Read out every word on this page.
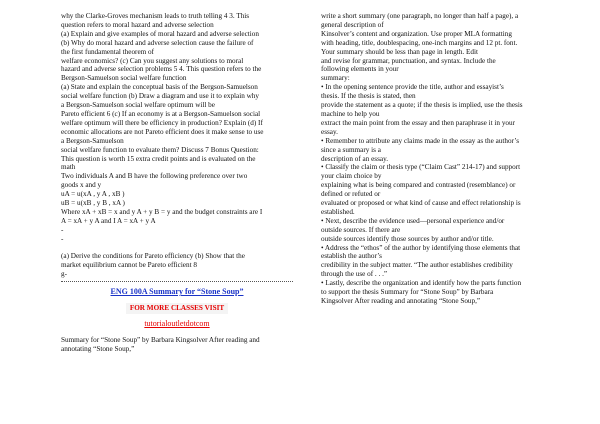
why the Clarke-Groves mechanism leads to truth telling 4 3. This
question refers to moral hazard and adverse selection
(a) Explain and give examples of moral hazard and adverse selection
(b) Why do moral hazard and adverse selection cause the failure of
the first fundamental theorem of
welfare economics? (c) Can you suggest any solutions to moral
hazard and adverse selection problems 5 4. This question refers to the
Bergson-Samuelson social welfare function
(a) State and explain the conceptual basis of the Bergson-Samuelson
social welfare function (b) Draw a diagram and use it to explain why
a Bergson-Samuelson social welfare optimum will be
Pareto efficient 6 (c) If an economy is at a Bergson-Samuelson social
welfare optimum will there be efficiency in production? Explain (d) If
economic allocations are not Pareto efficient does it make sense to use
a Bergson-Samuelson
social welfare function to evaluate them? Discuss 7 Bonus Question:
This question is worth 15 extra credit points and is evaluated on the
math
Two individuals A and B have the following preference over two
goods x and y
uA = u(xA , y A , xB )
uB = u(xB , y B , xA )
Where xA + xB = x and y A + y B = y and the budget constraints are I
A = xA + y A and I A = xA + y A
-
-
(a) Derive the conditions for Pareto efficiency (b) Show that the
market equilibrium cannot be Pareto efficient 8
g-
ENG 100A Summary for “Stone Soup”
FOR MORE CLASSES VISIT
tutorialoutletdotcom
Summary for “Stone Soup” by Barbara Kingsolver After reading and
annotating “Stone Soup,”
write a short summary (one paragraph, no longer than half a page), a
general description of
Kinsolver’s content and organization. Use proper MLA formatting
with heading, title, doublespacing, one-inch margins and 12 pt. font.
Your summary should be less than page in length. Edit
and revise for grammar, punctuation, and syntax. Include the
following elements in your
summary:
• In the opening sentence provide the title, author and essayist’s
thesis. If the thesis is stated, then
provide the statement as a quote; if the thesis is implied, use the thesis
machine to help you
extract the main point from the essay and then paraphrase it in your
essay.
• Remember to attribute any claims made in the essay as the author’s
since a summary is a
description of an essay.
• Classify the claim or thesis type (“Claim Cast” 214-17) and support
your claim choice by
explaining what is being compared and contrasted (resemblance) or
defined or refuted or
evaluated or proposed or what kind of cause and effect relationship is
established.
• Next, describe the evidence used—personal experience and/or
outside sources. If there are
outside sources identify those sources by author and/or title.
• Address the “ethos” of the author by identifying those elements that
establish the author’s
credibility in the subject matter. “The author establishes credibility
through the use of . . .”
• Lastly, describe the organization and identify how the parts function
to support the thesis Summary for “Stone Soup” by Barbara
Kingsolver After reading and annotating “Stone Soup,”
